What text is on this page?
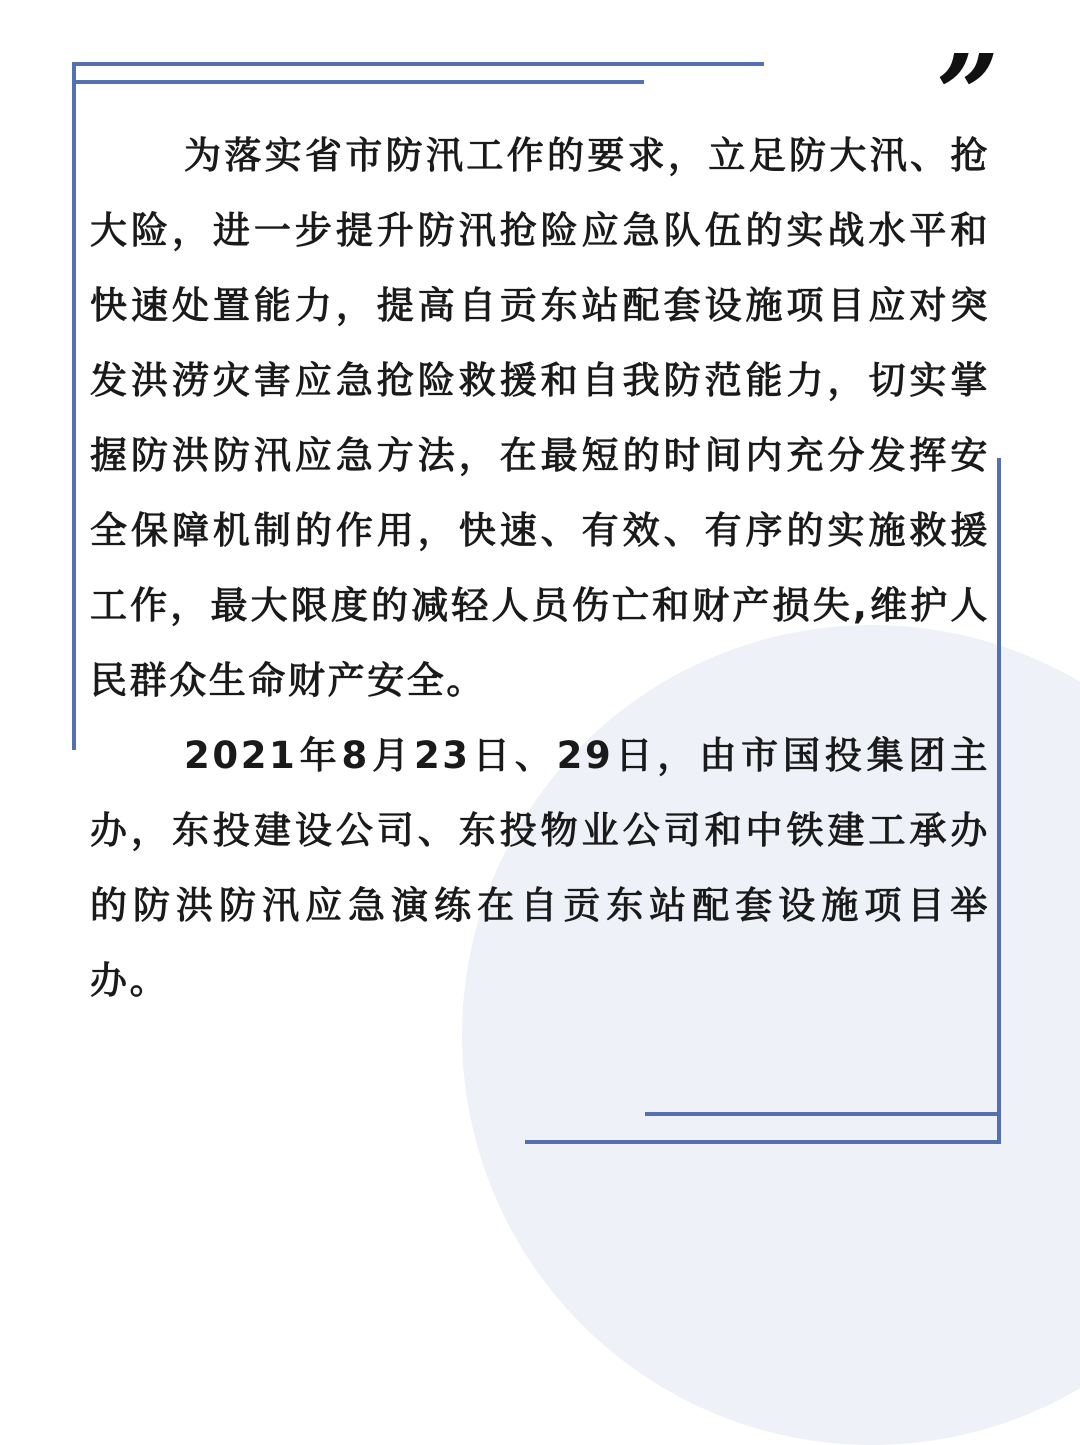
”

为落实省市防汛工作的要求，立足防大汛、抢大险，进一步提升防汛抢险应急队伍的实战水平和快速处置能力，提高自贡东站配套设施项目应对突发洪涝灾害应急抢险救援和自我防范能力，切实掌握防洪防汛应急方法，在最短的时间内充分发挥安全保障机制的作用，快速、有效、有序的实施救援工作，最大限度的减轻人员伤亡和财产损失,维护人民群众生命财产安全。

2021年8月23日、29日，由市国投集团主办，东投建设公司、东投物业公司和中铁建工承办的防洪防汛应急演练在自贡东站配套设施项目举办。
